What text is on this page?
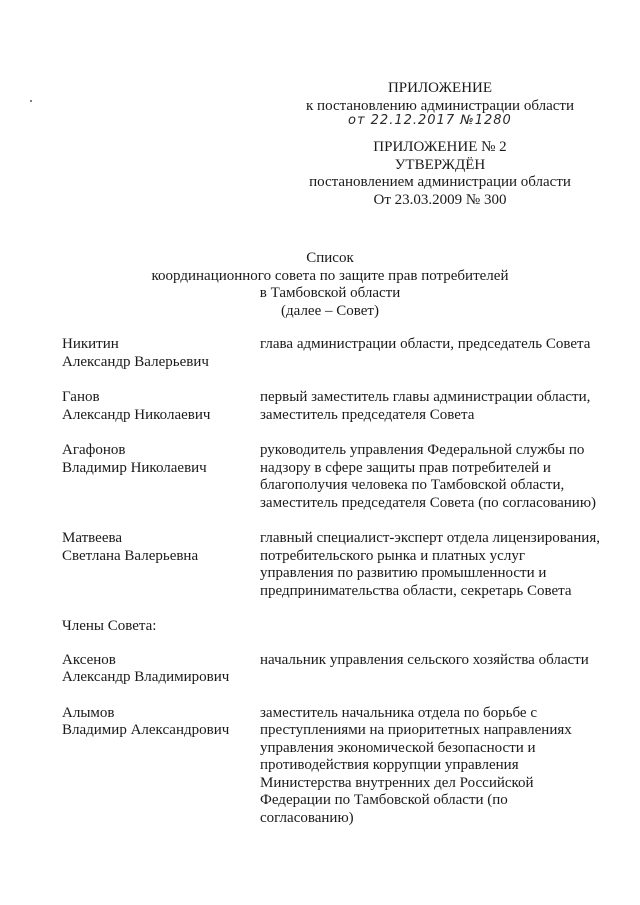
ПРИЛОЖЕНИЕ
к постановлению администрации области
от 22.12.2017 №1280
ПРИЛОЖЕНИЕ № 2
УТВЕРЖДЁН
постановлением администрации области
От 23.03.2009 № 300
Список
координационного совета по защите прав потребителей
в Тамбовской области
(далее – Совет)
Никитин
Александр Валерьевич
глава администрации области, председатель Совета
Ганов
Александр Николаевич
первый заместитель главы администрации области, заместитель председателя Совета
Агафонов
Владимир Николаевич
руководитель управления Федеральной службы по надзору в сфере защиты прав потребителей и благополучия человека по Тамбовской области, заместитель председателя Совета (по согласованию)
Матвеева
Светлана Валерьевна
главный специалист-эксперт отдела лицензирования, потребительского рынка и платных услуг управления по развитию промышленности и предпринимательства области, секретарь Совета
Члены Совета:
Аксенов
Александр Владимирович
начальник управления сельского хозяйства области
Алымов
Владимир Александрович
заместитель начальника отдела по борьбе с преступлениями на приоритетных направлениях управления экономической безопасности и противодействия коррупции управления Министерства внутренних дел Российской Федерации по Тамбовской области (по согласованию)
